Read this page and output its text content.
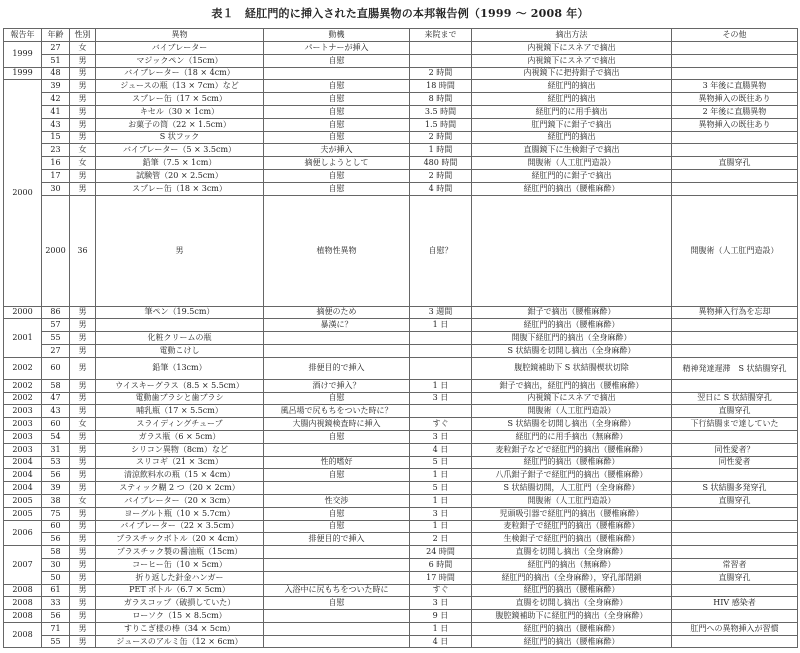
表１　経肛門的に挿入された直腸異物の本邦報告例（1999 ～ 2008 年）
報告年	年齢	性別	異物	動機	来院まで	摘出方法	その他	
1999	27	女	バイブレーター	パートナーが挿入		内視鏡下にスネアで摘出		
	51	男	マジックペン（15cm）	自慰		内視鏡下にスネアで摘出		
1999	48	男	バイブレーター（18 × 4cm）		2 時間	内視鏡下に把持鉗子で摘出		
2000	39	男	ジュースの瓶（13 × 7cm）など	自慰	18 時間	経肛門的摘出	3 年後に直腸異物	
	42	男	スプレー缶（17 × 5cm）	自慰	8 時間	経肛門的摘出	異物挿入の既往あり	
	41	男	キセル（30 × 1cm）	自慰	3.5 時間	経肛門的に用手摘出	2 年後に直腸異物	
	43	男	お菓子の筒（22 × 1.5cm）	自慰	1.5 時間	肛門鏡下に鉗子で摘出	異物挿入の既往あり	
	15	男	S 状フック	自慰	2 時間	経肛門的摘出		
	23	女	バイブレーター（5 × 3.5cm）	夫が挿入	1 時間	直腸鏡下に生検鉗子で摘出		
	16	女	鉛筆（7.5 × 1cm）	摘便しようとして	480 時間	開腹術（人工肛門造設）	直腸穿孔	
	17	男	試験管（20 × 2.5cm）	自慰	2 時間	経肛門的に鉗子で摘出		
	30	男	スプレー缶（18 × 3cm）	自慰	4 時間	経肛門的摘出（腰椎麻酔）		
	2000	36	男	植物性異物	自慰？		開腹術（人工肛門造設）	
2000	86	男	筆ペン（19.5cm）	摘便のため	3 週間	鉗子で摘出（腰椎麻酔）	異物挿入行為を忘却	
2001	57	男		暴漢に？	1 日	経肛門的摘出（腰椎麻酔）		
	55	男	化粧クリームの瓶			開腹下経肛門的摘出（全身麻酔）		
	27	男	電動こけし			S 状結腸を切開し摘出（全身麻酔）		
2002	60	男	鉛筆（13cm）	排便目的で挿入		腹腔鏡補助下 S 状結腸楔状切除	精神発達遅滞　S 状結腸穿孔	
2002	58	男	ウイスキーグラス（8.5 × 5.5cm）	酒けで挿入？	1 日	鉗子で摘出，経肛門的摘出（腰椎麻酔）		
2002	47	男	電動歯ブラシと歯ブラシ	自慰	3 日	内視鏡下にスネアで摘出	翌日に S 状結腸穿孔	
2003	43	男	哺乳瓶（17 × 5.5cm）	風呂場で尻もちをついた時に？		開腹術（人工肛門造設）	直腸穿孔	
2003	60	女	スライディングチューブ	大腸内視鏡検査時に挿入	すぐ	S 状結腸を切開し摘出（全身麻酔）	下行結腸まで達していた	
2003	54	男	ガラス瓶（6 × 5cm）	自慰	3 日	経肛門的に用手摘出（無麻酔）		
2003	31	男	シリコン異物（8cm）など		4 日	麦粒鉗子などで経肛門的摘出（腰椎麻酔）	同性愛者？	
2004	53	男	スリコギ（21 × 3cm）	性的嗜好	5 日	経肛門的摘出（腰椎麻酔）	同性愛者	
2004	56	男	清涼飲料水の瓶（15 × 4cm）	自慰	1 日	八爪鉗子鉗子で経肛門的摘出（腰椎麻酔）		
2004	39	男	スティック糊 2 つ（20 × 2cm）		5 日	S 状結腸切開，人工肛門（全身麻酔）	S 状結腸多発穿孔	
2005	38	女	バイブレーター（20 × 3cm）	性交渉	1 日	開腹術（人工肛門造設）	直腸穿孔	
2005	75	男	ヨーグルト瓶（10 × 5.7cm）	自慰	3 日	児頭吸引器で経肛門的摘出（腰椎麻酔）		
2006	60	男	バイブレーター（22 × 3.5cm）	自慰	1 日	麦粒鉗子で経肛門的摘出（腰椎麻酔）		
	56	男	プラスチックボトル（20 × 4cm）	排便目的で挿入	2 日	生検鉗子で経肛門的摘出（腰椎麻酔）		
2007	58	男	プラスチック製の醤油瓶（15cm）		24 時間	直腸を切開し摘出（全身麻酔）		
	30	男	コーヒー缶（10 × 5cm）		6 時間	経肛門的摘出（無麻酔）	常習者	
	50	男	折り返した針金ハンガー		17 時間	経肛門的摘出（全身麻酔），穿孔部閉鎖	直腸穿孔	
2008	61	男	PET ボトル（6.7 × 5cm）	入浴中に尻もちをついた時に	すぐ	経肛門的摘出（腰椎麻酔）		
2008	33	男	ガラスコップ（破損していた）	自慰	3 日	直腸を切開し摘出（全身麻酔）	HIV 感染者	
2008	56	男	ローソク（15 × 8.5cm）		9 日	腹腔鏡補助下に経肛門的摘出（全身麻酔）		
2008	71	男	すりこぎ様の棒（34 × 5cm）		1 日	経肛門的摘出（腰椎麻酔）	肛門への異物挿入が習慣	
	55	男	ジュースのアルミ缶（12 × 6cm）		4 日	経肛門的摘出（腰椎麻酔）		
